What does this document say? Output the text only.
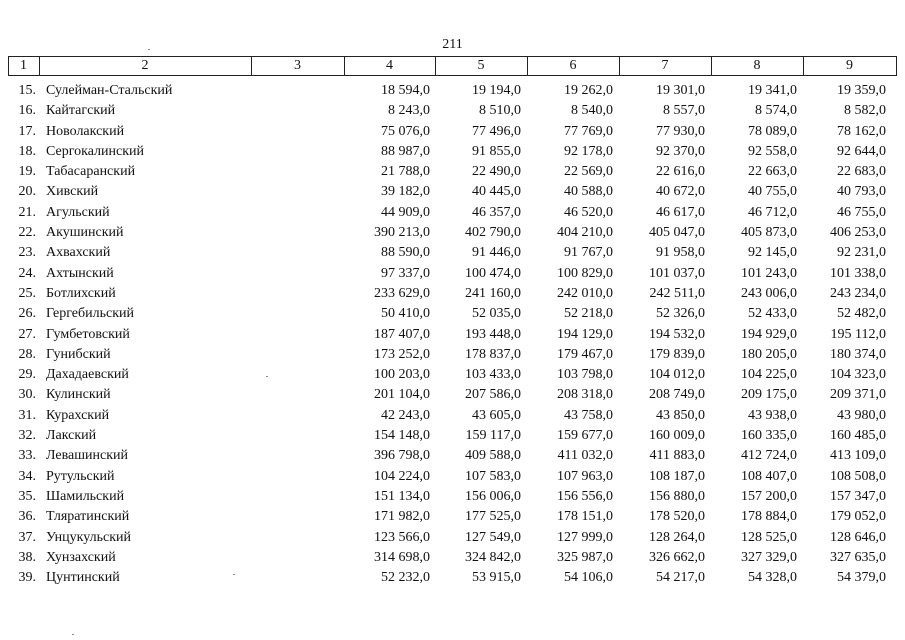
211
1	2	3	4	5	6	7	8	9
15. Сулейман-Стальский	18 594,0	19 194,0	19 262,0	19 301,0	19 341,0	19 359,0
16. Кайтагский	8 243,0	8 510,0	8 540,0	8 557,0	8 574,0	8 582,0
17. Новолакский	75 076,0	77 496,0	77 769,0	77 930,0	78 089,0	78 162,0
18. Сергокалинский	88 987,0	91 855,0	92 178,0	92 370,0	92 558,0	92 644,0
19. Табасаранский	21 788,0	22 490,0	22 569,0	22 616,0	22 663,0	22 683,0
20. Хивский	39 182,0	40 445,0	40 588,0	40 672,0	40 755,0	40 793,0
21. Агульский	44 909,0	46 357,0	46 520,0	46 617,0	46 712,0	46 755,0
22. Акушинский	390 213,0	402 790,0	404 210,0	405 047,0	405 873,0	406 253,0
23. Ахвахский	88 590,0	91 446,0	91 767,0	91 958,0	92 145,0	92 231,0
24. Ахтынский	97 337,0	100 474,0	100 829,0	101 037,0	101 243,0	101 338,0
25. Ботлихский	233 629,0	241 160,0	242 010,0	242 511,0	243 006,0	243 234,0
26. Гергебильский	50 410,0	52 035,0	52 218,0	52 326,0	52 433,0	52 482,0
27. Гумбетовский	187 407,0	193 448,0	194 129,0	194 532,0	194 929,0	195 112,0
28. Гунибский	173 252,0	178 837,0	179 467,0	179 839,0	180 205,0	180 374,0
29. Дахадаевский	100 203,0	103 433,0	103 798,0	104 012,0	104 225,0	104 323,0
30. Кулинский	201 104,0	207 586,0	208 318,0	208 749,0	209 175,0	209 371,0
31. Курахский	42 243,0	43 605,0	43 758,0	43 850,0	43 938,0	43 980,0
32. Лакский	154 148,0	159 117,0	159 677,0	160 009,0	160 335,0	160 485,0
33. Левашинский	396 798,0	409 588,0	411 032,0	411 883,0	412 724,0	413 109,0
34. Рутульский	104 224,0	107 583,0	107 963,0	108 187,0	108 407,0	108 508,0
35. Шамильский	151 134,0	156 006,0	156 556,0	156 880,0	157 200,0	157 347,0
36. Тляратинский	171 982,0	177 525,0	178 151,0	178 520,0	178 884,0	179 052,0
37. Унцукульский	123 566,0	127 549,0	127 999,0	128 264,0	128 525,0	128 646,0
38. Хунзахский	314 698,0	324 842,0	325 987,0	326 662,0	327 329,0	327 635,0
39. Цунтинский	52 232,0	53 915,0	54 106,0	54 217,0	54 328,0	54 379,0
